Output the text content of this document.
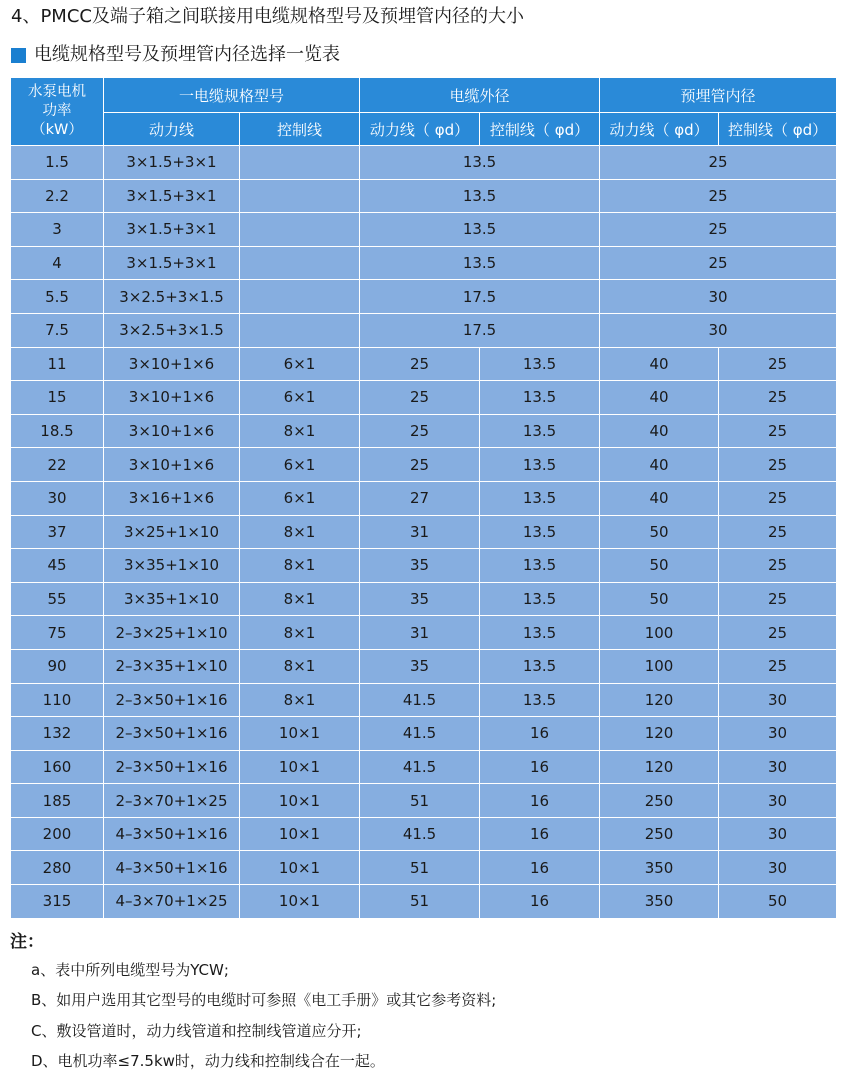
4、PMCC及端子箱之间联接用电缆规格型号及预埋管内径的大小
电缆规格型号及预埋管内径选择一览表
水泵电机
功率
（kW）	一电缆规格型号		电缆外径		预埋管内径	
	动力线	控制线	动力线（ φd）	控制线（ φd）	动力线（ φd）	控制线（ φd）
1.5	3×1.5+3×1		13.5		25	
2.2	3×1.5+3×1		13.5		25	
3	3×1.5+3×1		13.5		25	
4	3×1.5+3×1		13.5		25	
5.5	3×2.5+3×1.5		17.5		30	
7.5	3×2.5+3×1.5		17.5		30	
11	3×10+1×6	6×1	25	13.5	40	25
15	3×10+1×6	6×1	25	13.5	40	25
18.5	3×10+1×6	8×1	25	13.5	40	25
22	3×10+1×6	6×1	25	13.5	40	25
30	3×16+1×6	6×1	27	13.5	40	25
37	3×25+1×10	8×1	31	13.5	50	25
45	3×35+1×10	8×1	35	13.5	50	25
55	3×35+1×10	8×1	35	13.5	50	25
75	2–3×25+1×10	8×1	31	13.5	100	25
90	2–3×35+1×10	8×1	35	13.5	100	25
110	2–3×50+1×16	8×1	41.5	13.5	120	30
132	2–3×50+1×16	10×1	41.5	16	120	30
160	2–3×50+1×16	10×1	41.5	16	120	30
185	2–3×70+1×25	10×1	51	16	250	30
200	4–3×50+1×16	10×1	41.5	16	250	30
280	4–3×50+1×16	10×1	51	16	350	30
315	4–3×70+1×25	10×1	51	16	350	50
注：
a、表中所列电缆型号为YCW;
B、如用户选用其它型号的电缆时可参照《电工手册》或其它参考资料;
C、敷设管道时，动力线管道和控制线管道应分开;
D、电机功率≤7.5kw时，动力线和控制线合在一起。
